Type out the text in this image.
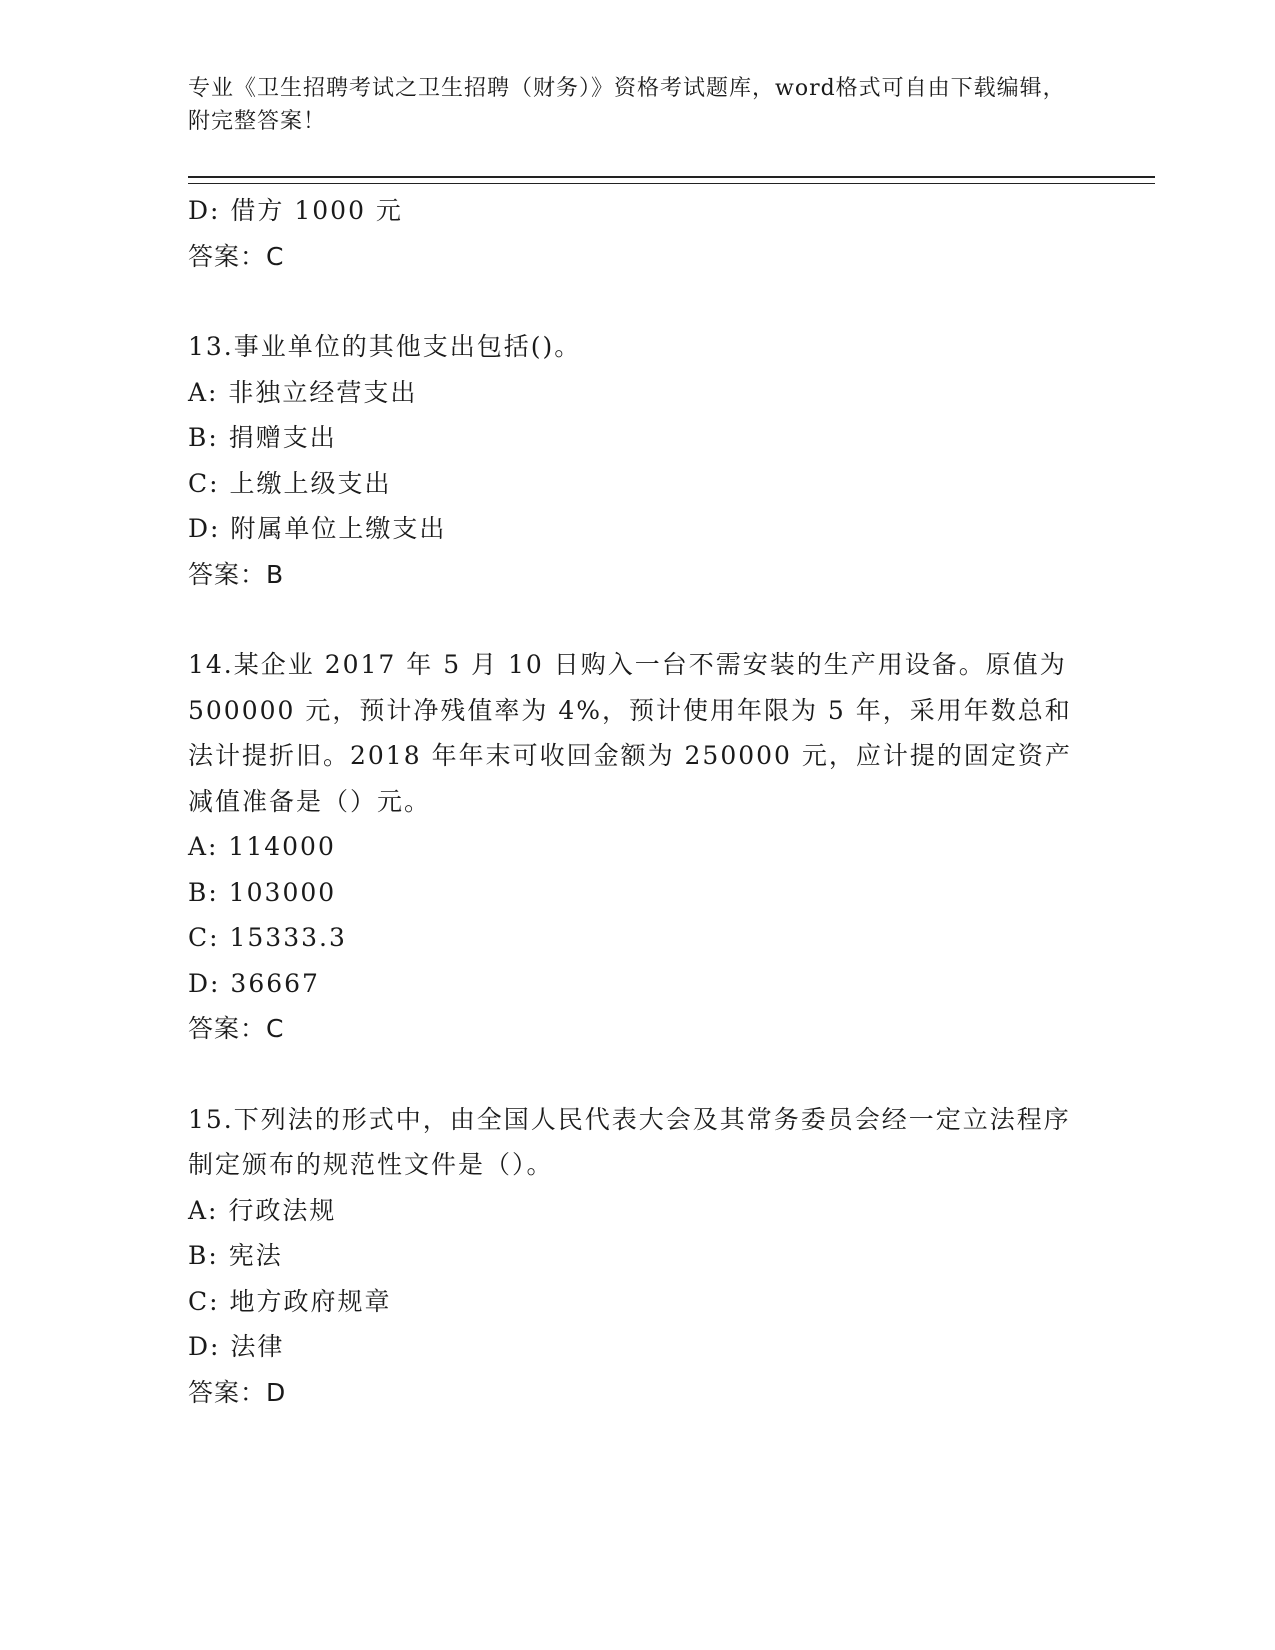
专业《卫生招聘考试之卫生招聘（财务）》资格考试题库，word格式可自由下载编辑，附完整答案！
D: 借方 1000 元
答案：C
13.事业单位的其他支出包括()。
A: 非独立经营支出
B: 捐赠支出
C: 上缴上级支出
D: 附属单位上缴支出
答案：B
14.某企业 2017 年 5 月 10 日购入一台不需安装的生产用设备。原值为 500000 元，预计净残值率为 4%，预计使用年限为 5 年，采用年数总和法计提折旧。2018 年年末可收回金额为 250000 元，应计提的固定资产减值准备是（）元。
A: 114000
B: 103000
C: 15333.3
D: 36667
答案：C
15.下列法的形式中，由全国人民代表大会及其常务委员会经一定立法程序制定颁布的规范性文件是（）。
A: 行政法规
B: 宪法
C: 地方政府规章
D: 法律
答案：D
